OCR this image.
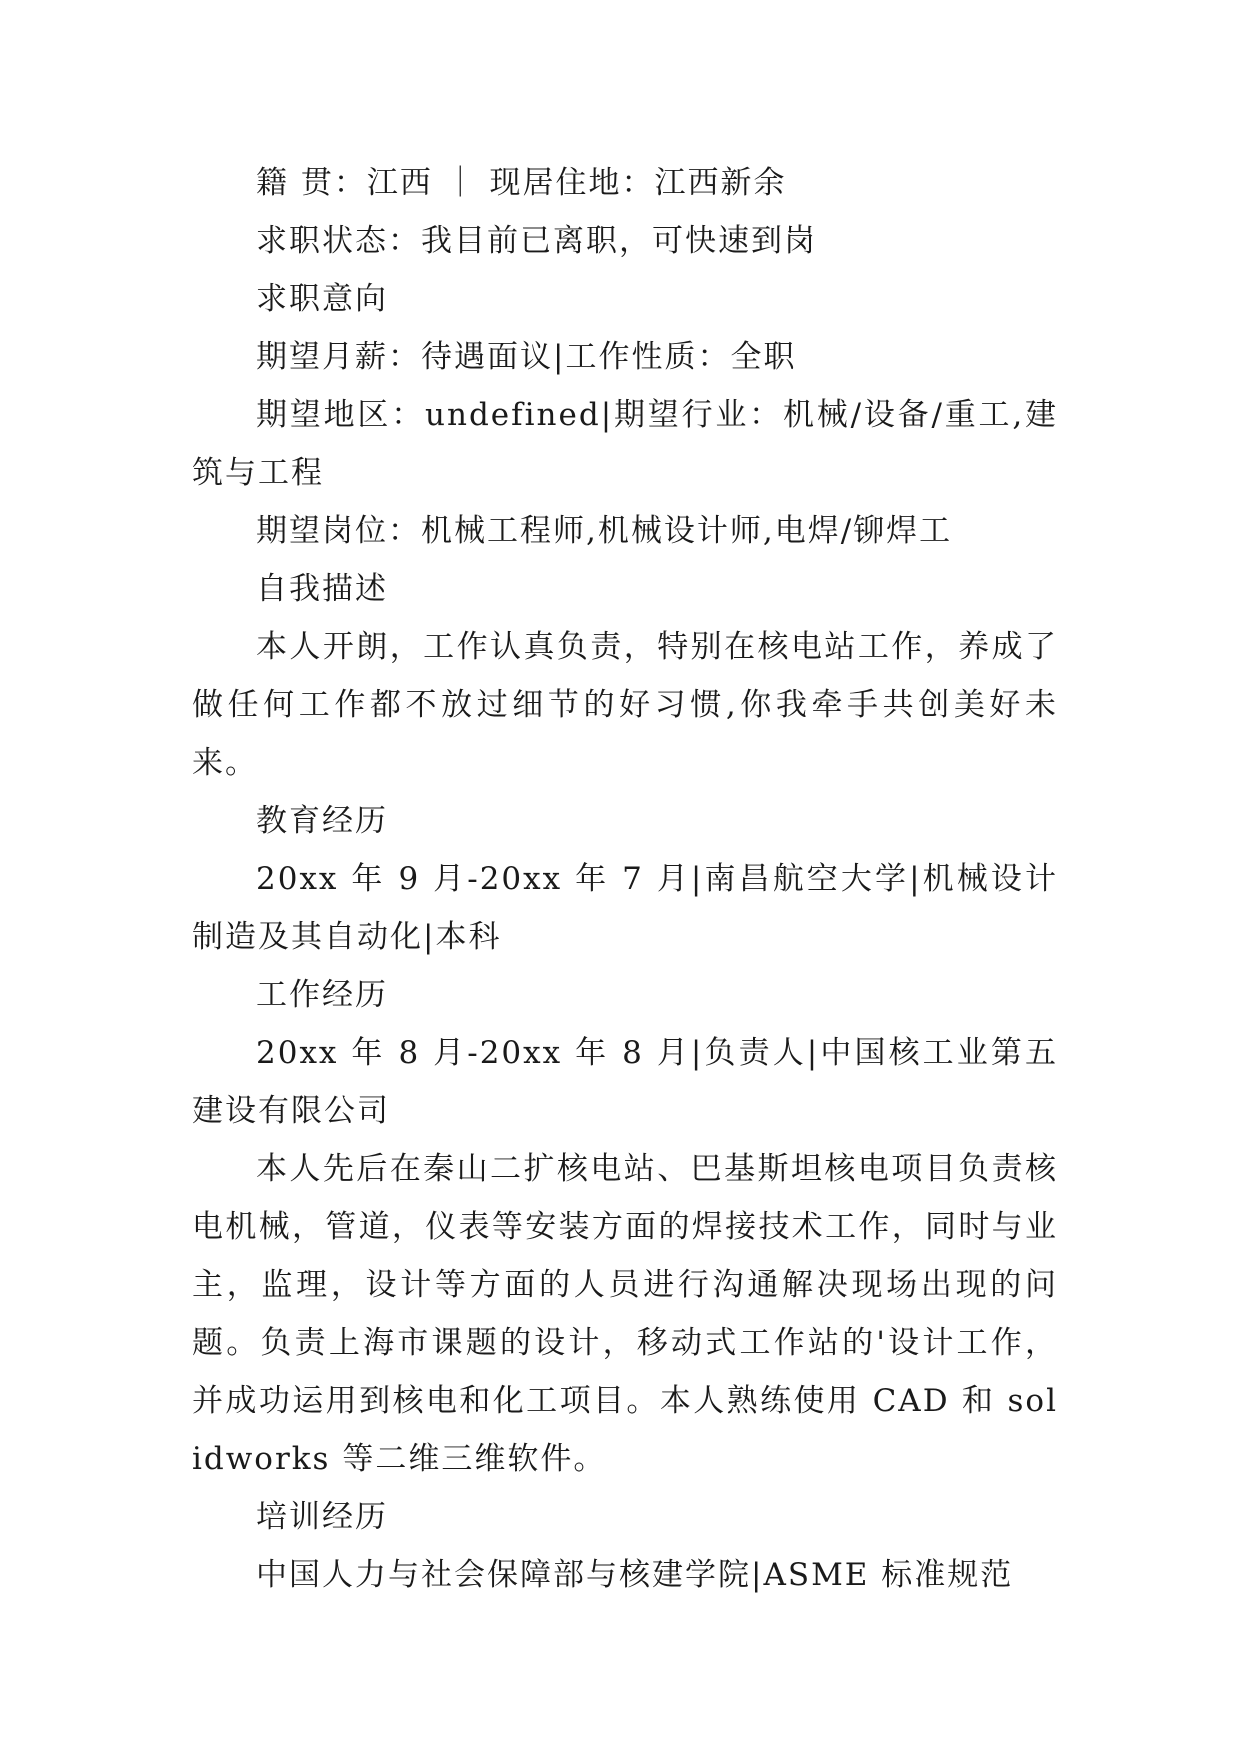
籍 贯：江西 ｜ 现居住地：江西新余

求职状态：我目前已离职，可快速到岗

求职意向

期望月薪：待遇面议|工作性质：全职

期望地区：undefined|期望行业：机械/设备/重工,建筑与工程

期望岗位：机械工程师,机械设计师,电焊/铆焊工

自我描述

本人开朗，工作认真负责，特别在核电站工作，养成了做任何工作都不放过细节的好习惯,你我牵手共创美好未来。

教育经历

20xx 年 9 月-20xx 年 7 月|南昌航空大学|机械设计制造及其自动化|本科

工作经历

20xx 年 8 月-20xx 年 8 月|负责人|中国核工业第五建设有限公司

本人先后在秦山二扩核电站、巴基斯坦核电项目负责核电机械，管道，仪表等安装方面的焊接技术工作，同时与业主，监理，设计等方面的人员进行沟通解决现场出现的问题。负责上海市课题的设计，移动式工作站的'设计工作，并成功运用到核电和化工项目。本人熟练使用 CAD 和 solidworks 等二维三维软件。

培训经历

中国人力与社会保障部与核建学院|ASME 标准规范
